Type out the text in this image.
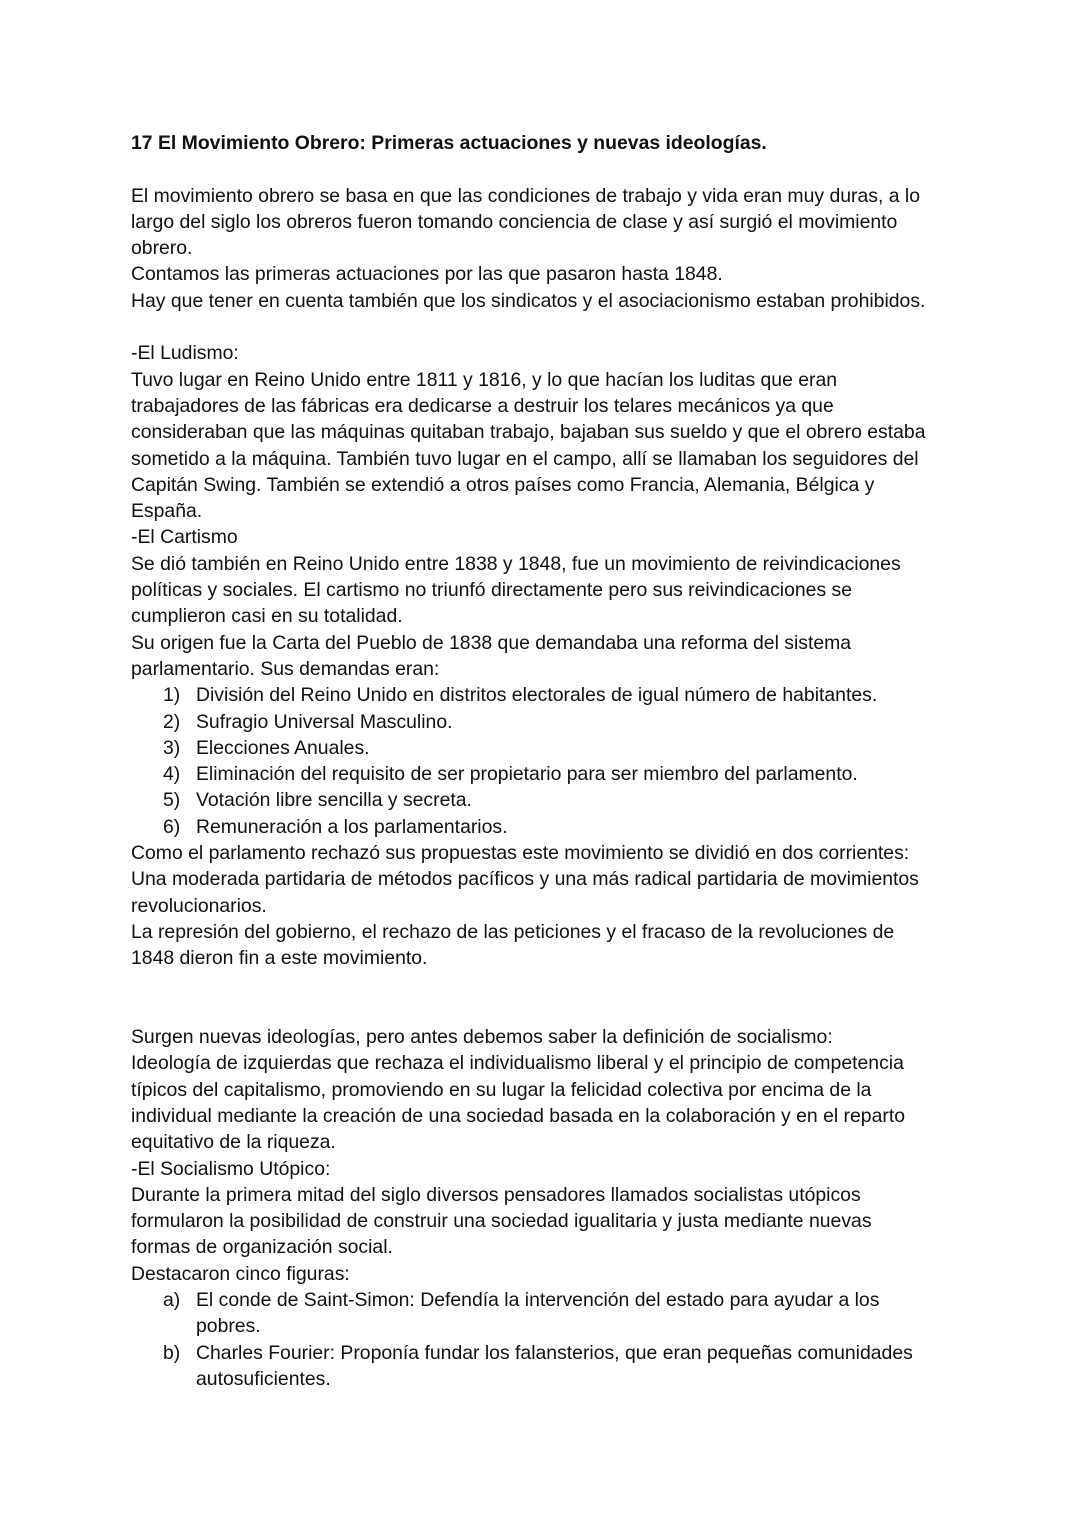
17 El Movimiento Obrero: Primeras actuaciones y nuevas ideologías.
El movimiento obrero se basa en que las condiciones de trabajo y vida eran muy duras, a lo
largo del siglo los obreros fueron tomando conciencia de clase y así surgió el movimiento
obrero.
Contamos las primeras actuaciones por las que pasaron hasta 1848.
Hay que tener en cuenta también que los sindicatos y el asociacionismo estaban prohibidos.
-El Ludismo:
Tuvo lugar en Reino Unido entre 1811 y 1816, y lo que hacían los luditas que eran
trabajadores de las fábricas era dedicarse a destruir los telares mecánicos ya que
consideraban que las máquinas quitaban trabajo, bajaban sus sueldo y que el obrero estaba
sometido a la máquina. También tuvo lugar en el campo, allí se llamaban los seguidores del
Capitán Swing. También se extendió a otros países como Francia, Alemania, Bélgica y
España.
-El Cartismo
Se dió también en Reino Unido entre 1838 y 1848, fue un movimiento de reivindicaciones
políticas y sociales. El cartismo no triunfó directamente pero sus reivindicaciones se
cumplieron casi en su totalidad.
Su origen fue la Carta del Pueblo de 1838 que demandaba una reforma del sistema
parlamentario. Sus demandas eran:
1) División del Reino Unido en distritos electorales de igual número de habitantes.
2) Sufragio Universal Masculino.
3) Elecciones Anuales.
4) Eliminación del requisito de ser propietario para ser miembro del parlamento.
5) Votación libre sencilla y secreta.
6) Remuneración a los parlamentarios.
Como el parlamento rechazó sus propuestas este movimiento se dividió en dos corrientes:
Una moderada partidaria de métodos pacíficos y una más radical partidaria de movimientos
revolucionarios.
La represión del gobierno, el rechazo de las peticiones y el fracaso de la revoluciones de
1848 dieron fin a este movimiento.
Surgen nuevas ideologías, pero antes debemos saber la definición de socialismo:
Ideología de izquierdas que rechaza el individualismo liberal y el principio de competencia
típicos del capitalismo, promoviendo en su lugar la felicidad colectiva por encima de la
individual mediante la creación de una sociedad basada en la colaboración y en el reparto
equitativo de la riqueza.
-El Socialismo Utópico:
Durante la primera mitad del siglo diversos pensadores llamados socialistas utópicos
formularon la posibilidad de construir una sociedad igualitaria y justa mediante nuevas
formas de organización social.
Destacaron cinco figuras:
a) El conde de Saint-Simon: Defendía la intervención del estado para ayudar a los
pobres.
b) Charles Fourier: Proponía fundar los falansterios, que eran pequeñas comunidades
autosuficientes.
